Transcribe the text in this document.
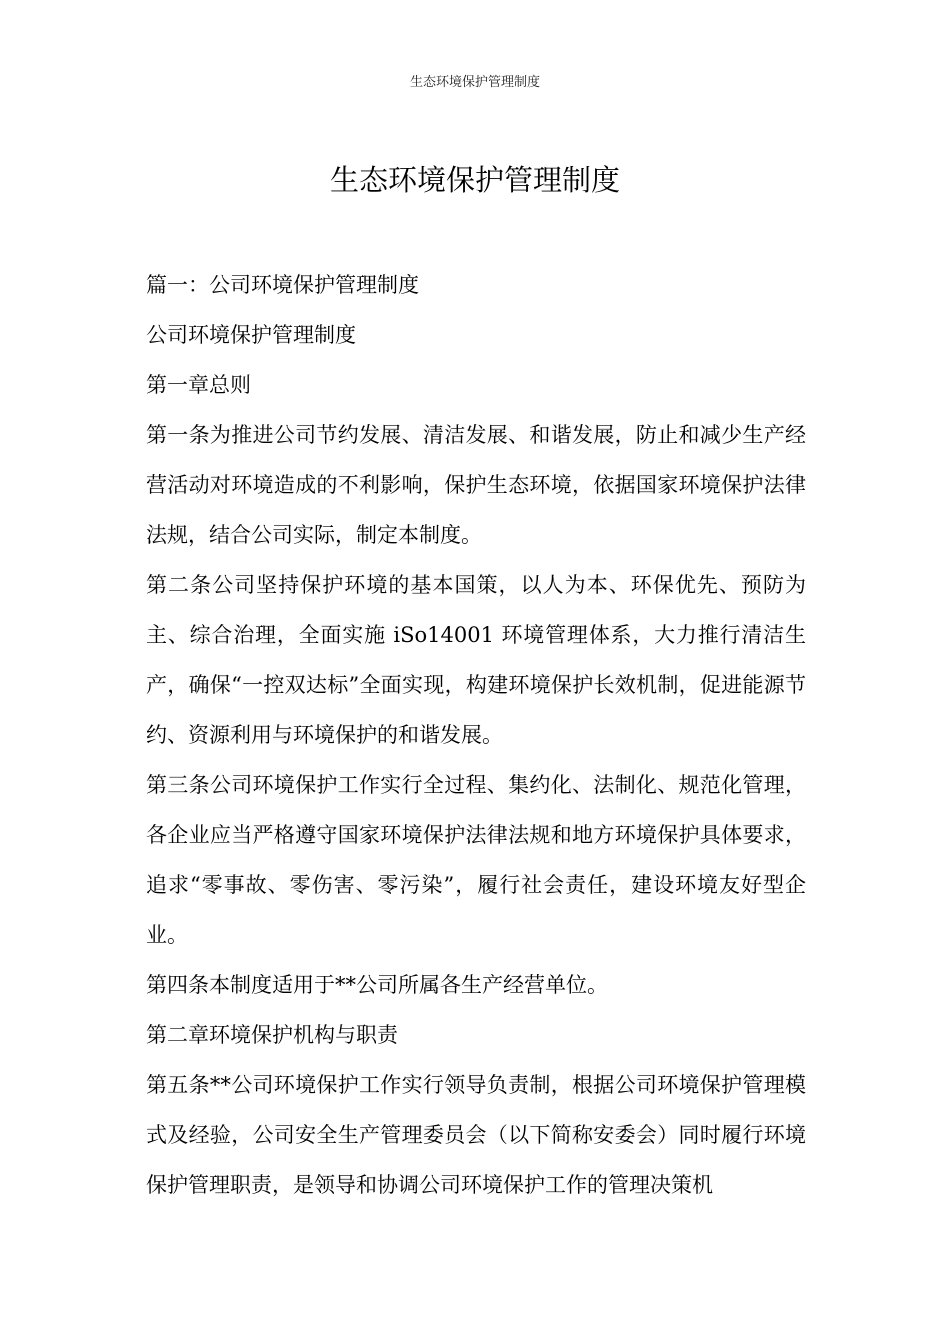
生态环境保护管理制度
生态环境保护管理制度

篇一：公司环境保护管理制度

公司环境保护管理制度

第一章总则

第一条为推进公司节约发展、清洁发展、和谐发展，防止和减少生产经营活动对环境造成的不利影响，保护生态环境，依据国家环境保护法律法规，结合公司实际，制定本制度。

第二条公司坚持保护环境的基本国策，以人为本、环保优先、预防为主、综合治理，全面实施 iSo14001 环境管理体系，大力推行清洁生产，确保“一控双达标”全面实现，构建环境保护长效机制，促进能源节约、资源利用与环境保护的和谐发展。

第三条公司环境保护工作实行全过程、集约化、法制化、规范化管理，各企业应当严格遵守国家环境保护法律法规和地方环境保护具体要求，追求“零事故、零伤害、零污染”，履行社会责任，建设环境友好型企业。

第四条本制度适用于**公司所属各生产经营单位。

第二章环境保护机构与职责

第五条**公司环境保护工作实行领导负责制，根据公司环境保护管理模式及经验，公司安全生产管理委员会（以下简称安委会）同时履行环境保护管理职责，是领导和协调公司环境保护工作的管理决策机
